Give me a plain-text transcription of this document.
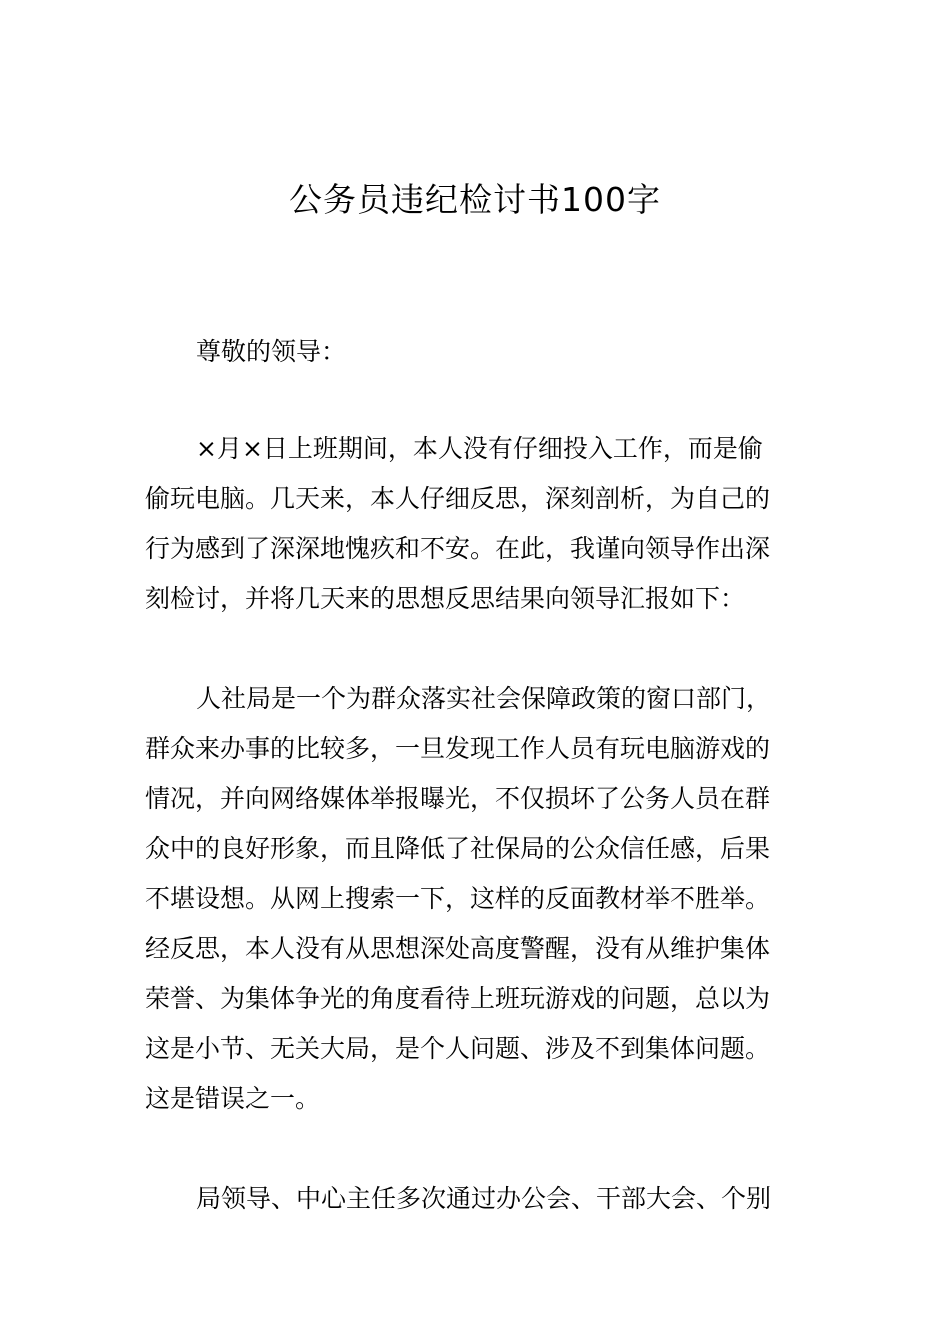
公务员违纪检讨书100字

尊敬的领导：

×月×日上班期间，本人没有仔细投入工作，而是偷
偷玩电脑。几天来，本人仔细反思，深刻剖析，为自己的
行为感到了深深地愧疚和不安。在此，我谨向领导作出深
刻检讨，并将几天来的思想反思结果向领导汇报如下：
人社局是一个为群众落实社会保障政策的窗口部门，
群众来办事的比较多，一旦发现工作人员有玩电脑游戏的
情况，并向网络媒体举报曝光，不仅损坏了公务人员在群
众中的良好形象，而且降低了社保局的公众信任感，后果
不堪设想。从网上搜索一下，这样的反面教材举不胜举。
经反思，本人没有从思想深处高度警醒，没有从维护集体
荣誉、为集体争光的角度看待上班玩游戏的问题，总以为
这是小节、无关大局，是个人问题、涉及不到集体问题。
这是错误之一。
局领导、中心主任多次通过办公会、干部大会、个别
